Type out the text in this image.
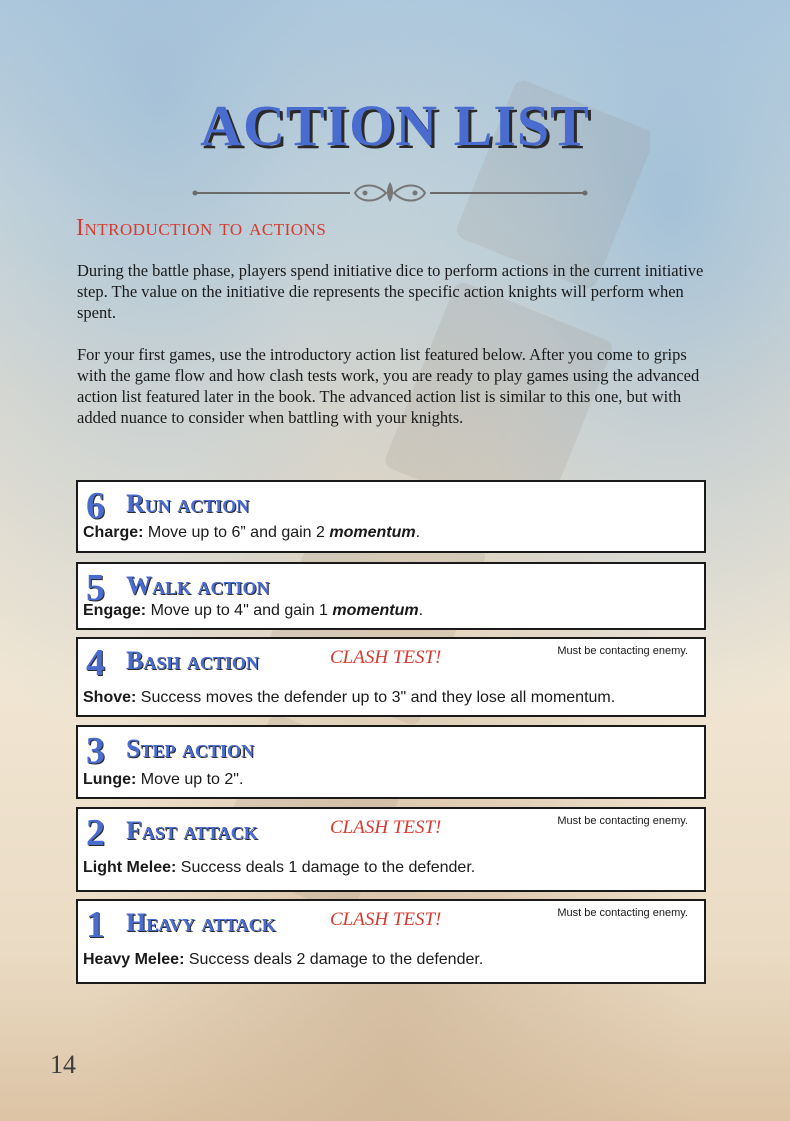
ACTION LIST
Introduction to actions
During the battle phase, players spend initiative dice to perform actions in the current initiative step. The value on the initiative die represents the specific action knights will perform when spent.
For your first games, use the introductory action list featured below. After you come to grips with the game flow and how clash tests work, you are ready to play games using the advanced action list featured later in the book. The advanced action list is similar to this one, but with added nuance to consider when battling with your knights.
6 Run action
Charge: Move up to 6” and gain 2 momentum.
5 Walk action
Engage: Move up to 4" and gain 1 momentum.
4 Bash action	CLASH TEST!	Must be contacting enemy.
Shove: Success moves the defender up to 3" and they lose all momentum.
3 Step action
Lunge: Move up to 2".
2 Fast attack	CLASH TEST!	Must be contacting enemy.
Light Melee: Success deals 1 damage to the defender.
1 Heavy attack	CLASH TEST!	Must be contacting enemy.
Heavy Melee: Success deals 2 damage to the defender.
14
